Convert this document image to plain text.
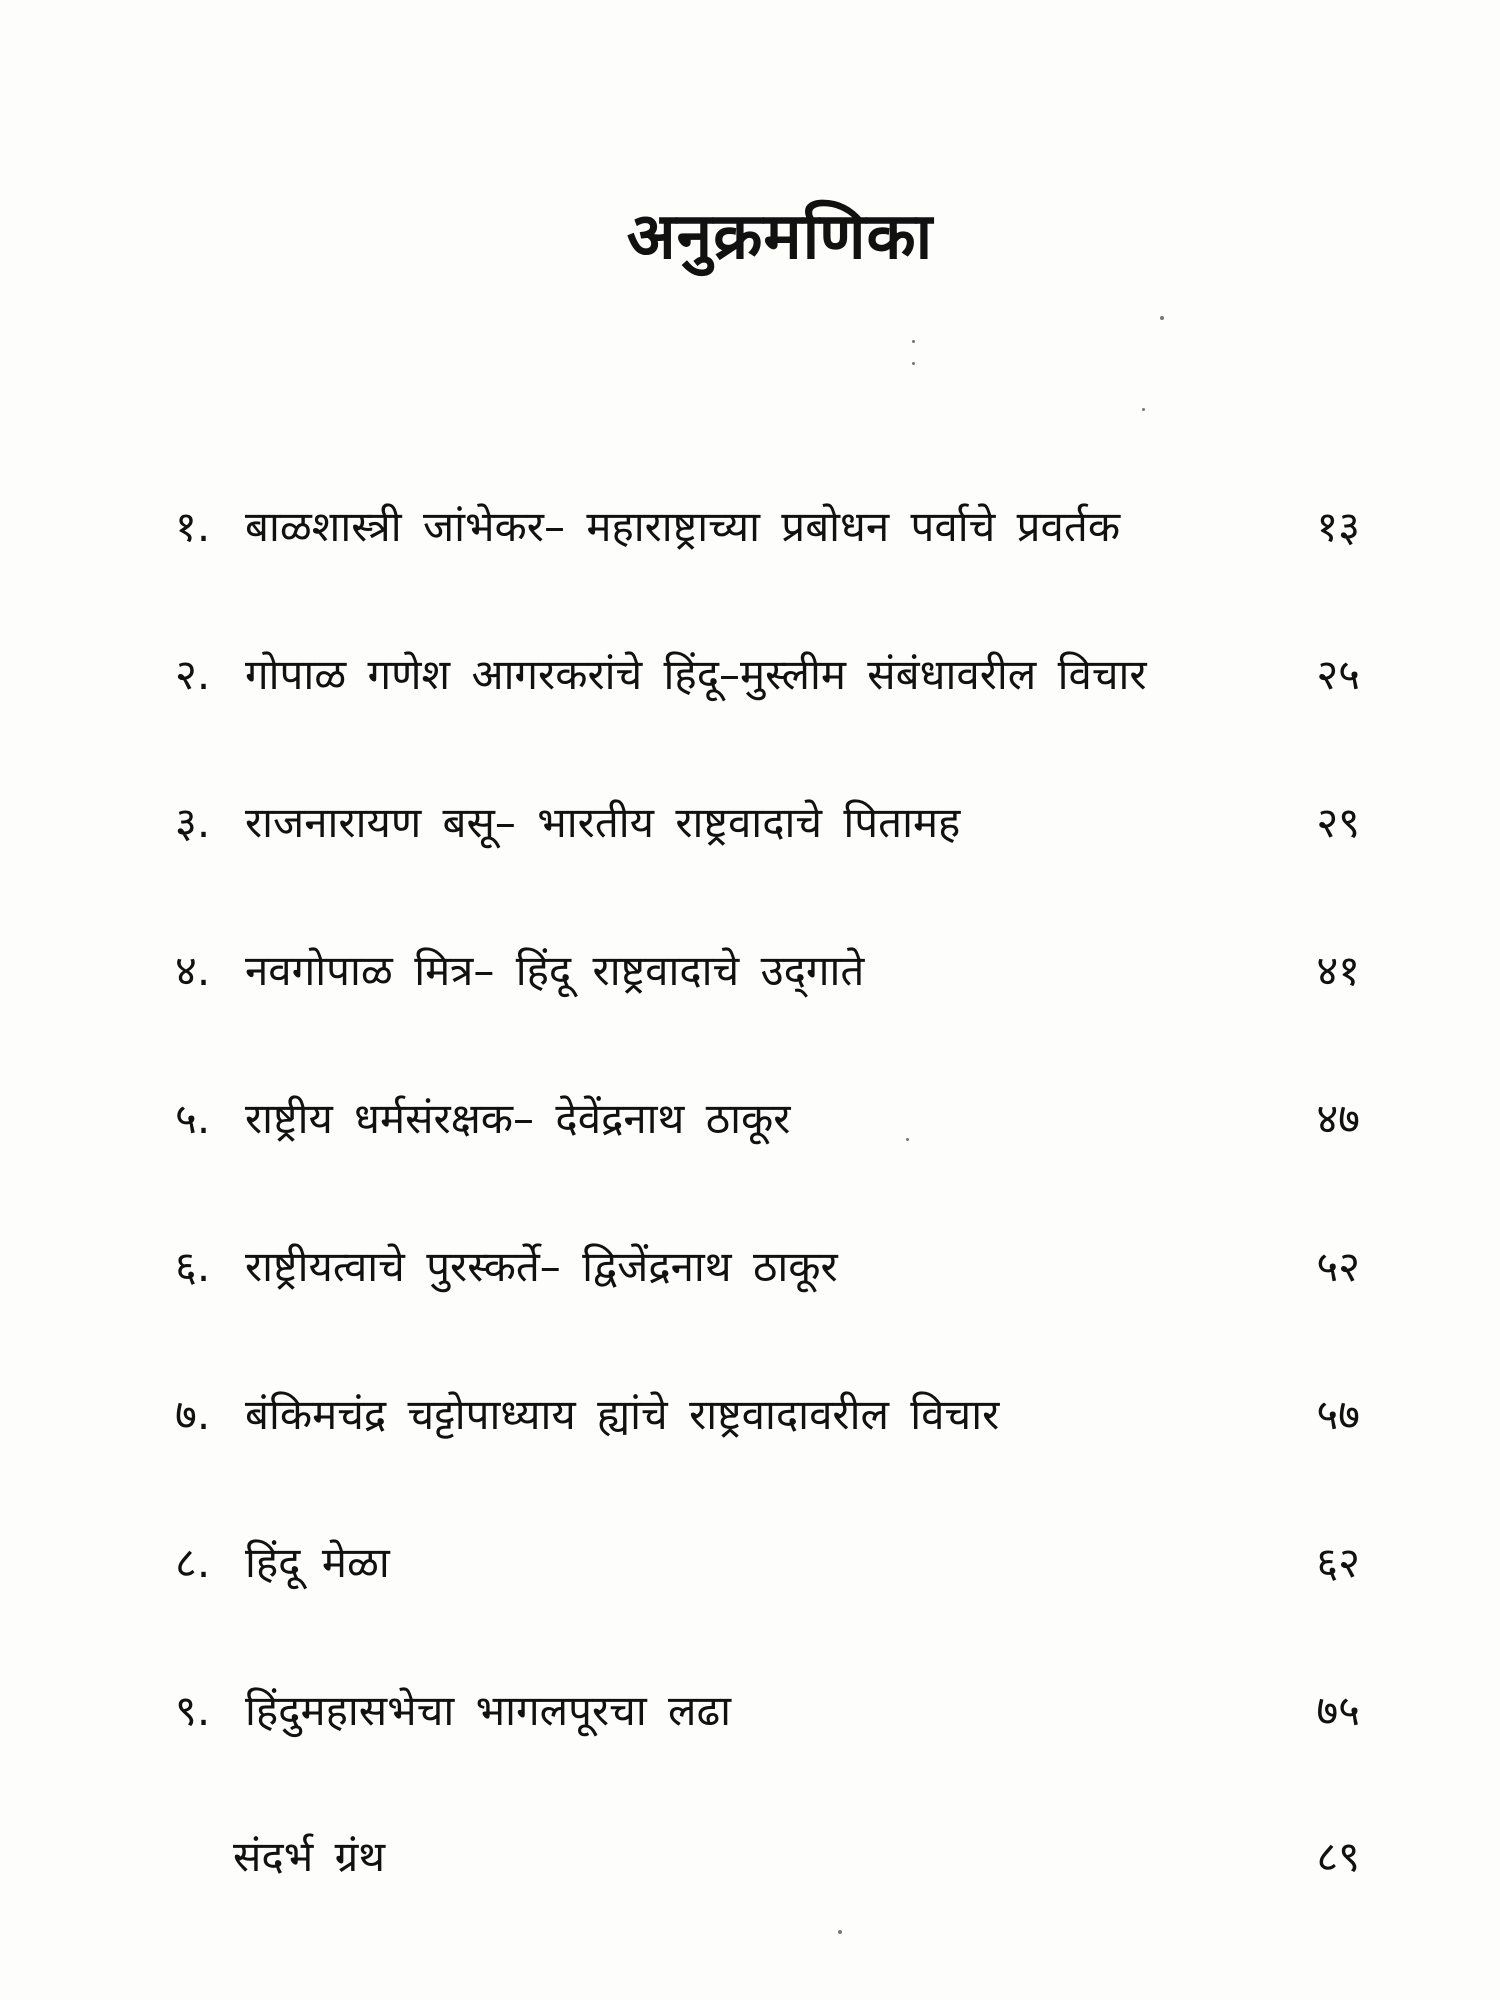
अनुक्रमणिका
१. बाळशास्त्री जांभेकर– महाराष्ट्राच्या प्रबोधन पर्वाचे प्रवर्तक	१३
२. गोपाळ गणेश आगरकरांचे हिंदू–मुस्लीम संबंधावरील विचार	२५
३. राजनारायण बसू– भारतीय राष्ट्रवादाचे पितामह	२९
४. नवगोपाळ मित्र– हिंदू राष्ट्रवादाचे उद्‌गाते	४१
५. राष्ट्रीय धर्मसंरक्षक– देवेंद्रनाथ ठाकूर	४७
६. राष्ट्रीयत्वाचे पुरस्कर्ते– द्विजेंद्रनाथ ठाकूर	५२
७. बंकिमचंद्र चट्टोपाध्याय ह्यांचे राष्ट्रवादावरील विचार	५७
८. हिंदू मेळा	६२
९. हिंदुमहासभेचा भागलपूरचा लढा	७५
संदर्भ ग्रंथ	८९
